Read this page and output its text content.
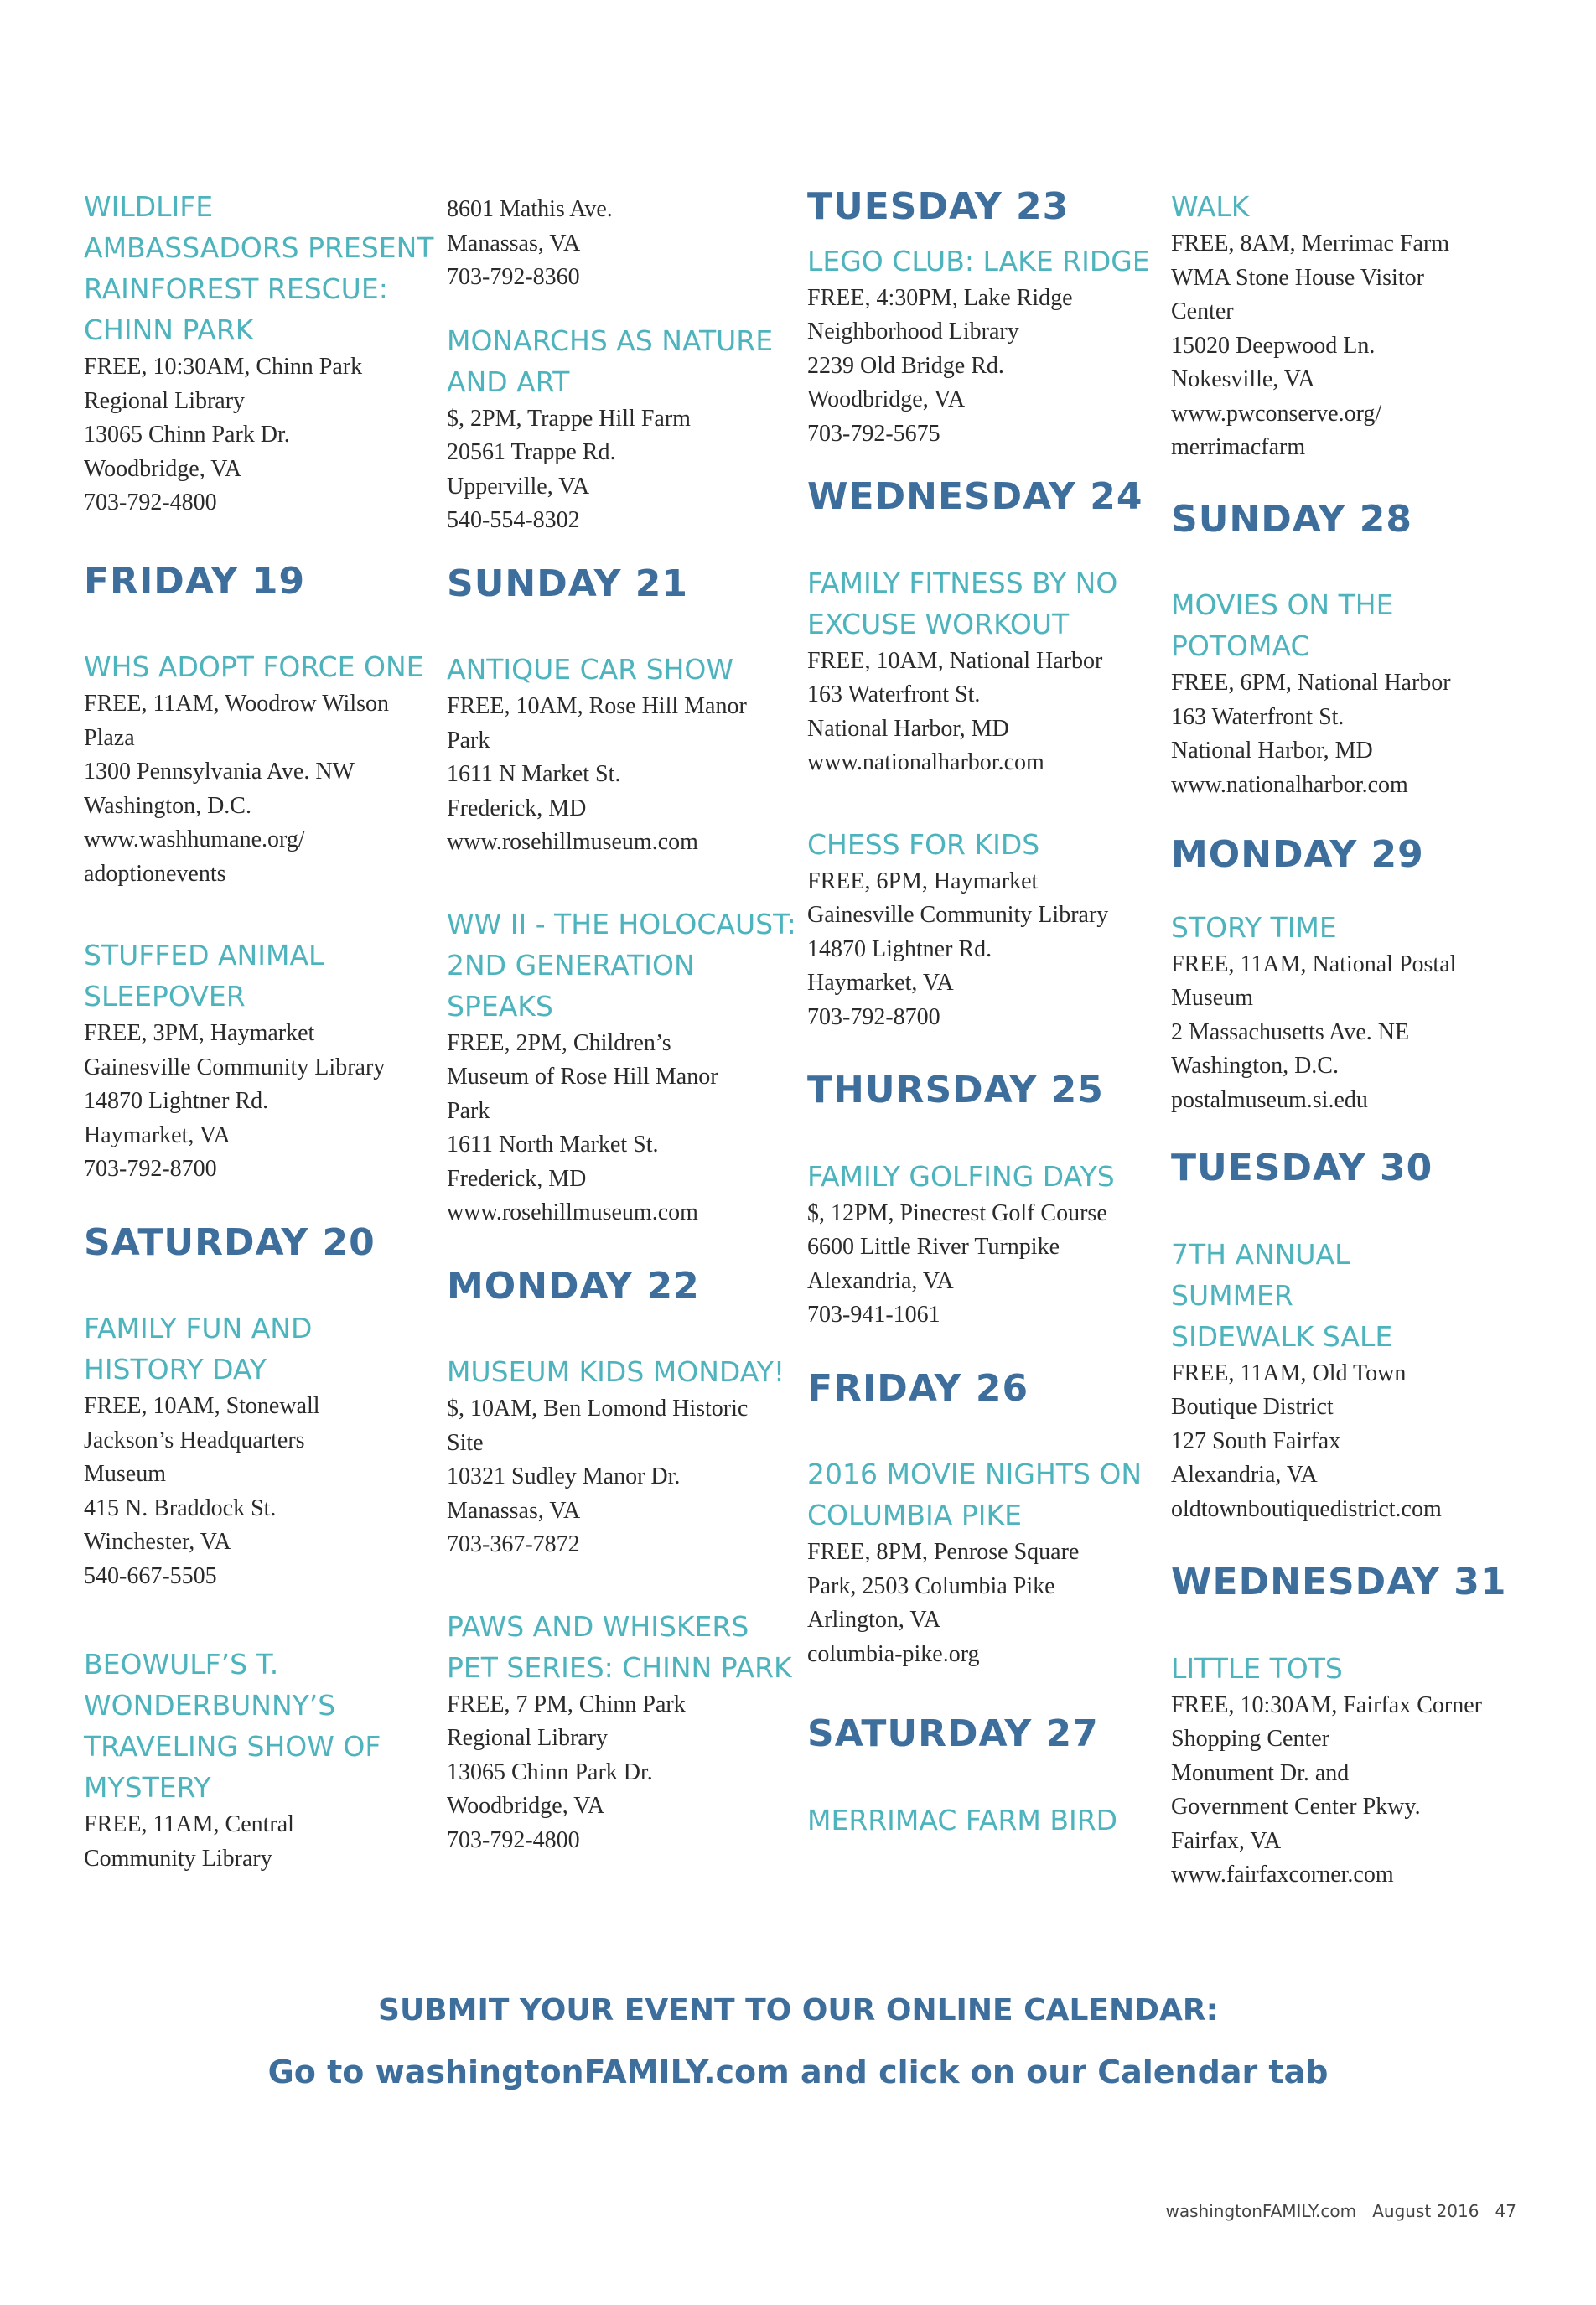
WILDLIFE
AMBASSADORS PRESENT
RAINFOREST RESCUE:
CHINN PARK
FREE, 10:30AM, Chinn Park
Regional Library
13065 Chinn Park Dr.
Woodbridge, VA
703-792-4800
FRIDAY 19
WHS ADOPT FORCE ONE
FREE, 11AM, Woodrow Wilson
Plaza
1300 Pennsylvania Ave. NW
Washington, D.C.
www.washhumane.org/
adoptionevents
STUFFED ANIMAL
SLEEPOVER
FREE, 3PM, Haymarket
Gainesville Community Library
14870 Lightner Rd.
Haymarket, VA
703-792-8700
SATURDAY 20
FAMILY FUN AND
HISTORY DAY
FREE, 10AM, Stonewall
Jackson’s Headquarters
Museum
415 N. Braddock St.
Winchester, VA
540-667-5505
BEOWULF’S T.
WONDERBUNNY’S
TRAVELING SHOW OF
MYSTERY
FREE, 11AM, Central
Community Library
8601 Mathis Ave.
Manassas, VA
703-792-8360
MONARCHS AS NATURE
AND ART
$, 2PM, Trappe Hill Farm
20561 Trappe Rd.
Upperville, VA
540-554-8302
SUNDAY 21
ANTIQUE CAR SHOW
FREE, 10AM, Rose Hill Manor
Park
1611 N Market St.
Frederick, MD
www.rosehillmuseum.com
WW II - THE HOLOCAUST:
2ND GENERATION
SPEAKS
FREE, 2PM, Children’s
Museum of Rose Hill Manor
Park
1611 North Market St.
Frederick, MD
www.rosehillmuseum.com
MONDAY 22
MUSEUM KIDS MONDAY!
$, 10AM, Ben Lomond Historic
Site
10321 Sudley Manor Dr.
Manassas, VA
703-367-7872
PAWS AND WHISKERS
PET SERIES: CHINN PARK
FREE, 7 PM, Chinn Park
Regional Library
13065 Chinn Park Dr.
Woodbridge, VA
703-792-4800
TUESDAY 23
LEGO CLUB: LAKE RIDGE
FREE, 4:30PM, Lake Ridge
Neighborhood Library
2239 Old Bridge Rd.
Woodbridge, VA
703-792-5675
WEDNESDAY 24
FAMILY FITNESS BY NO
EXCUSE WORKOUT
FREE, 10AM, National Harbor
163 Waterfront St.
National Harbor, MD
www.nationalharbor.com
CHESS FOR KIDS
FREE, 6PM, Haymarket
Gainesville Community Library
14870 Lightner Rd.
Haymarket, VA
703-792-8700
THURSDAY 25
FAMILY GOLFING DAYS
$, 12PM, Pinecrest Golf Course
6600 Little River Turnpike
Alexandria, VA
703-941-1061
FRIDAY 26
2016 MOVIE NIGHTS ON
COLUMBIA PIKE
FREE, 8PM, Penrose Square
Park, 2503 Columbia Pike
Arlington, VA
columbia-pike.org
SATURDAY 27
MERRIMAC FARM BIRD
WALK
FREE, 8AM, Merrimac Farm
WMA Stone House Visitor
Center
15020 Deepwood Ln.
Nokesville, VA
www.pwconserve.org/
merrimacfarm
SUNDAY 28
MOVIES ON THE
POTOMAC
FREE, 6PM, National Harbor
163 Waterfront St.
National Harbor, MD
www.nationalharbor.com
MONDAY 29
STORY TIME
FREE, 11AM, National Postal
Museum
2 Massachusetts Ave. NE
Washington, D.C.
postalmuseum.si.edu
TUESDAY 30
7TH ANNUAL
SUMMER
SIDEWALK SALE
FREE, 11AM, Old Town
Boutique District
127 South Fairfax
Alexandria, VA
oldtownboutiquedistrict.com
WEDNESDAY 31
LITTLE TOTS
FREE, 10:30AM, Fairfax Corner
Shopping Center
Monument Dr. and
Government Center Pkwy.
Fairfax, VA
www.fairfaxcorner.com
SUBMIT YOUR EVENT TO OUR ONLINE CALENDAR:
Go to washingtonFAMILY.com and click on our Calendar tab
washingtonFAMILY.com August 2016 47
